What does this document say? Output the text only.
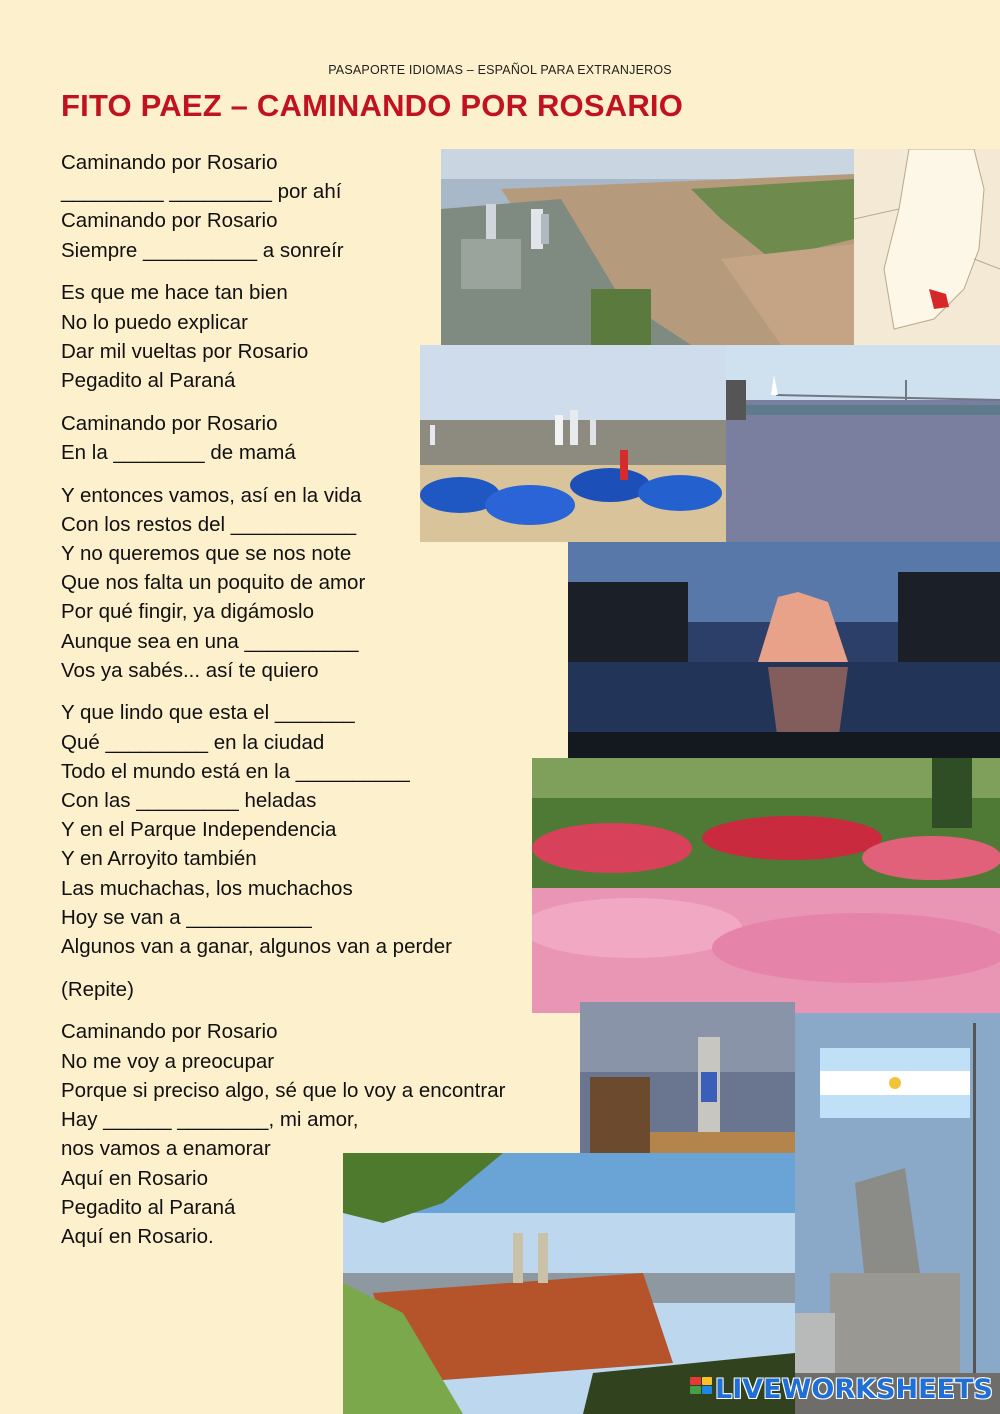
PASAPORTE IDIOMAS – ESPAÑOL PARA EXTRANJEROS
FITO PAEZ – CAMINANDO POR ROSARIO
Caminando por Rosario
_________ _________ por ahí
Caminando por Rosario
Siempre __________ a sonreír
Es que me hace tan bien
No lo puedo explicar
Dar mil vueltas por Rosario
Pegadito al Paraná
Caminando por Rosario
En la ________ de mamá
Y entonces vamos, así en la vida
Con los restos del ___________
Y no queremos que se nos note
Que nos falta un poquito de amor
Por qué fingir, ya digámoslo
Aunque sea en una __________
Vos ya sabés... así te quiero
Y que lindo que esta el _______
Qué _________ en la ciudad
Todo el mundo está en la __________
Con las _________ heladas
Y en el Parque Independencia
Y en Arroyito también
Las muchachas, los muchachos
Hoy se van a ___________
Algunos van a ganar, algunos van a perder
(Repite)
Caminando por Rosario
No me voy a preocupar
Porque si preciso algo, sé que lo voy a encontrar
Hay ______ ________, mi amor,
nos vamos a enamorar
Aquí en Rosario
Pegadito al Paraná
Aquí en Rosario.
LIVEWORKSHEETS
